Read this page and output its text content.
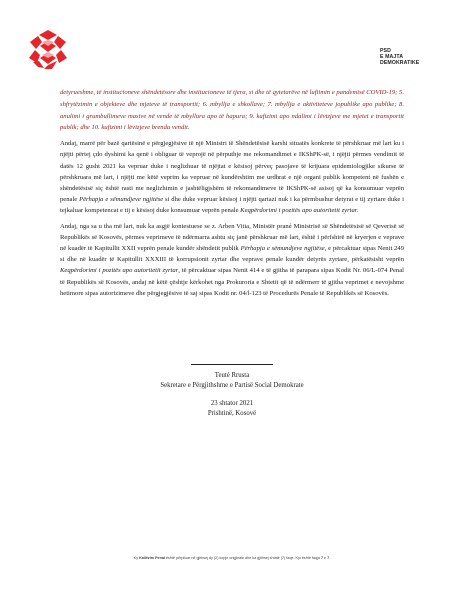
PSD
E MAJTA
DEMOKRATIKE

detyrueshme, të institucioneve shëndetësore dhe institucioneve të tjera, si dhe të qytetarëve në luftimin e pandemisë COVID-19; 5. shfrytëzimin e objekteve dhe mjeteve të transportit; 6. mbyllja e shkollave; 7. mbyllja e aktiviteteve jopublike apo publike; 8. anulimi i grumbullimeve masive në vende të mbyllura apo të hapura; 9. kufizimi apo ndalimi i lëvizjeve me mjetet e transportit publik; dhe 10. kufizimi i lëvizjeve brenda vendit.

Andaj, marrë për bazë qartësinë e përgjegjësive të një Ministri të Shëndetësisë karshi situatës konkrete të përshkruar më lart ku i njëjti përtej çdo dyshimi ka qenë i obliguar të veprojë në përputhje me rekomandimet e IKShPK-së, i njëjti përmes vendimit të datës 12 gusht 2021 ka vepruar duke i neglizhuar të njëjtat e kësisoj përveç pasojave të krijuara epidemiologjike sikurse të përshkruara më lart, i njëjti me këtë veprim ka vepruar në kundërshtim me urdhrat e një organi publik kompetent në fushën e shëndetësisë siç është rasti me neglizhimin e jashtëligjshëm të rekomandimeve të IKShPK-së asisoj që ka konsumuar veprën penale Përhapja e sëmundjeve ngjitëse si dhe duke vepruar kësisoj i njëjti qartazi nuk i ka përmbushur detyrat e tij zyrtare duke i tejkaluar kompetencat e tij e kësisoj duke konsumuar veprën penale Keqpërdorimi i pozitës apo autoritetit zyrtar.

Andaj, nga sa u tha më lart, nuk ka asgjë kontestuese se z. Arben Vitia, Ministër prané Ministrisë së Shëndetësisë së Qeverisë së Republikës së Kosovës, përmes veprimeve të ndërmarra ashtu siç janë përshkruar më lart, është i përfshirë në kryerjen e veprave në kuadër të Kapitullit XXII veprën penale kundër shëndetit publik Përhapja e sëmundjeve ngjitëse, e përcaktuar sipas Nenit 249 si dhe në kuadër të Kapitullit XXXIII të korrupsionit zyrtar dhe veprave penale kundër detyrës zyrtare, përkatësisht veprën Keqpërdorimi i pozitës apo autoritetit zyrtar, të përcaktuar sipas Nenit 414 e të gjitha të parapara sipas Kodit Nr. 06/L-074 Penal të Republikës së Kosovës, andaj në këtë çështje kërkohet nga Prokuroria e Shtetit që të ndërmerr të gjitha veprimet e nevojshme hetimore sipas autorizimeve dhe përgjegjësive të saj sipas Kodit nr. 04/l-123 të Procedurës Penale të Republikës së Kosovës.

Teuté Rrusta
Sekretare e Përgjithshme e Partisë Social Demokrate
23 shtator 2021
Prishtinë, Kosovë
Ky Kallëzim Penal është përpiluar në gjithsej dy (2) kopje origjinale dhe ka gjithsej shtatë (7) faqe. Kjo është faqja 7 e 7.
